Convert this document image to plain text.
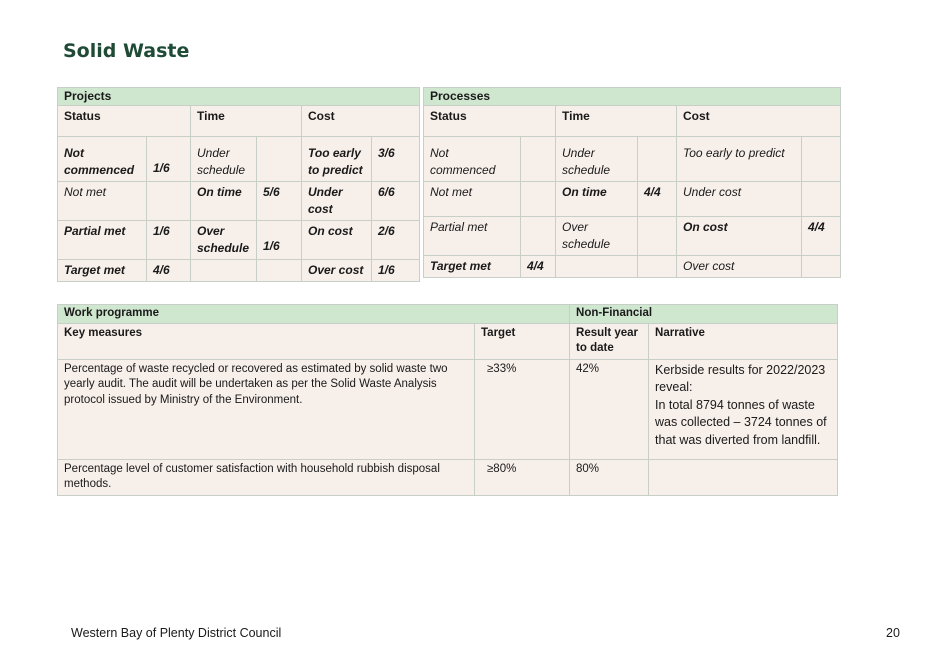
Solid Waste
Projects					
Status		Time		Cost	
Not commenced	1/6	Under schedule		Too early to predict	3/6
Not met		On time	5/6	Under cost	6/6
Partial met	1/6	Over schedule	1/6	On cost	2/6
Target met	4/6			Over cost	1/6
Processes					
Status		Time		Cost	
Not commenced		Under schedule		Too early to predict	
Not met		On time	4/4	Under cost	
Partial met		Over schedule		On cost	4/4
Target met	4/4			Over cost	
Work programme		Non-Financial	
Key measures	Target	Result year to date	Narrative
Percentage of waste recycled or recovered as estimated by solid waste two yearly audit. The audit will be undertaken as per the Solid Waste Analysis protocol issued by Ministry of the Environment.	≥33%	42%	Kerbside results for 2022/2023 reveal:
In total 8794 tonnes of waste was collected – 3724 tonnes of that was diverted from landfill.

Percentage level of customer satisfaction with household rubbish disposal methods.	≥80%	80%	
Western Bay of Plenty District Council	20
